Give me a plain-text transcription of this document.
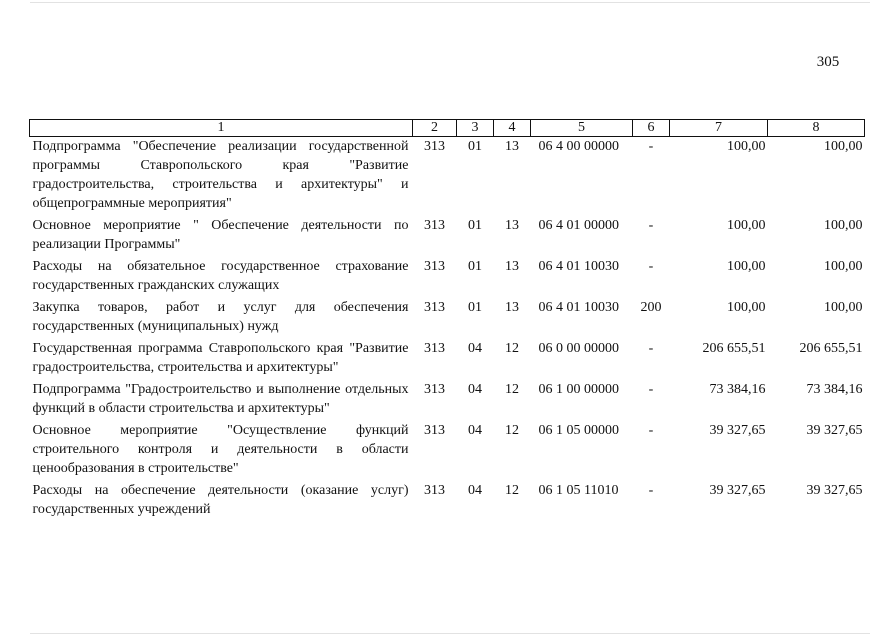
305
1	2	3	4	5	6	7	8
Подпрограмма "Обеспечение реализации государственной программы Ставропольского края "Развитие градостроительства, строительства и архитектуры" и общепрограммные мероприятия"	313	01	13	06 4 00 00000	-	100,00	100,00
Основное мероприятие " Обеспечение деятельности по реализации Программы"	313	01	13	06 4 01 00000	-	100,00	100,00
Расходы на обязательное государственное страхование государственных гражданских служащих	313	01	13	06 4 01 10030	-	100,00	100,00
Закупка товаров, работ и услуг для обеспечения государственных (муниципальных) нужд	313	01	13	06 4 01 10030	200	100,00	100,00
Государственная программа Ставропольского края "Развитие градостроительства, строительства и архитектуры"	313	04	12	06 0 00 00000	-	206 655,51	206 655,51
Подпрограмма "Градостроительство и выполнение отдельных функций в области строительства и архитектуры"	313	04	12	06 1 00 00000	-	73 384,16	73 384,16
Основное мероприятие "Осуществление функций строительного контроля и деятельности в области ценообразования в строительстве"	313	04	12	06 1 05 00000	-	39 327,65	39 327,65
Расходы на обеспечение деятельности (оказание услуг) государственных учреждений	313	04	12	06 1 05 11010	-	39 327,65	39 327,65
